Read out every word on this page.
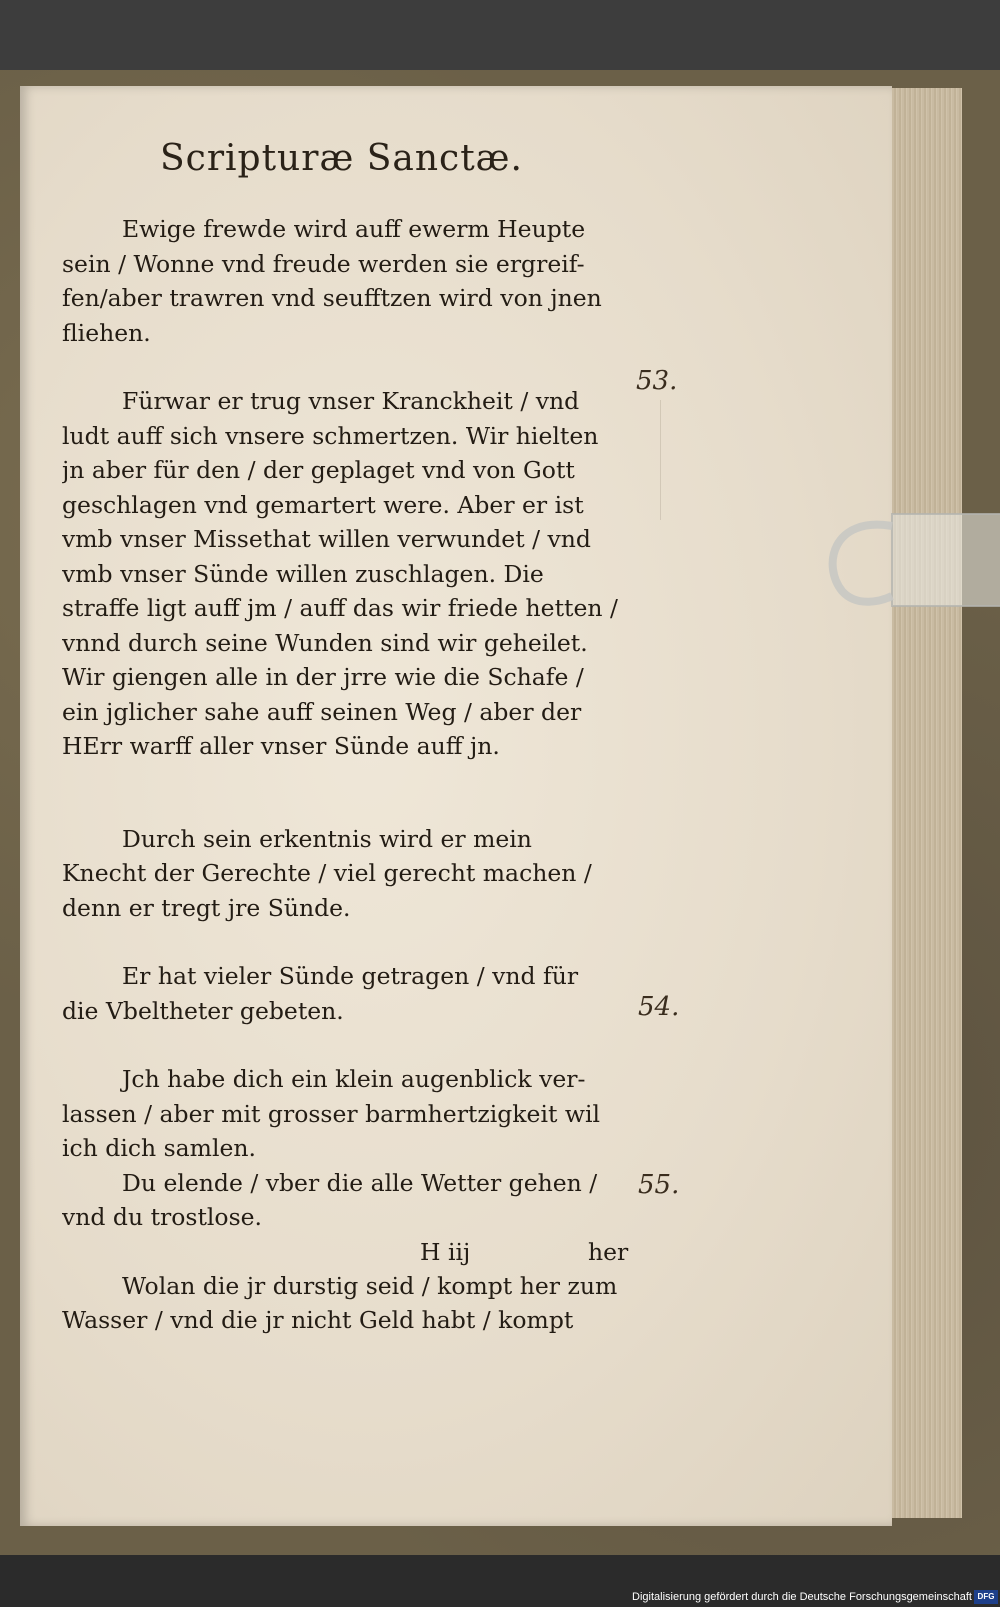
Scripturæ Sanctæ.
Ewige frewde wird auff ewerm Heupte
sein / Wonne vnd freude werden sie ergreif-
fen/aber trawren vnd seufftzen wird von jnen
fliehen.
Fürwar er trug vnser Kranckheit / vnd
ludt auff sich vnsere schmertzen. Wir hielten
jn aber für den / der geplaget vnd von Gott
geschlagen vnd gemartert were. Aber er ist
vmb vnser Missethat willen verwundet / vnd
vmb vnser Sünde willen zuschlagen. Die
straffe ligt auff jm / auff das wir friede hetten /
vnnd durch seine Wunden sind wir geheilet.
Wir giengen alle in der jrre wie die Schafe /
ein jglicher sahe auff seinen Weg / aber der
HErr warff aller vnser Sünde auff jn.
Durch sein erkentnis wird er mein
Knecht der Gerechte / viel gerecht machen /
denn er tregt jre Sünde.
Er hat vieler Sünde getragen / vnd für
die Vbeltheter gebeten.
Jch habe dich ein klein augenblick ver-
lassen / aber mit grosser barmhertzigkeit wil
ich dich samlen.
Du elende / vber die alle Wetter gehen /
vnd du trostlose.
Wolan die jr durstig seid / kompt her zum
Wasser / vnd die jr nicht Geld habt / kompt
53.
54.
55.
H iij	her
Digitalisierung gefördert durch die Deutsche Forschungsgemeinschaft DFG
